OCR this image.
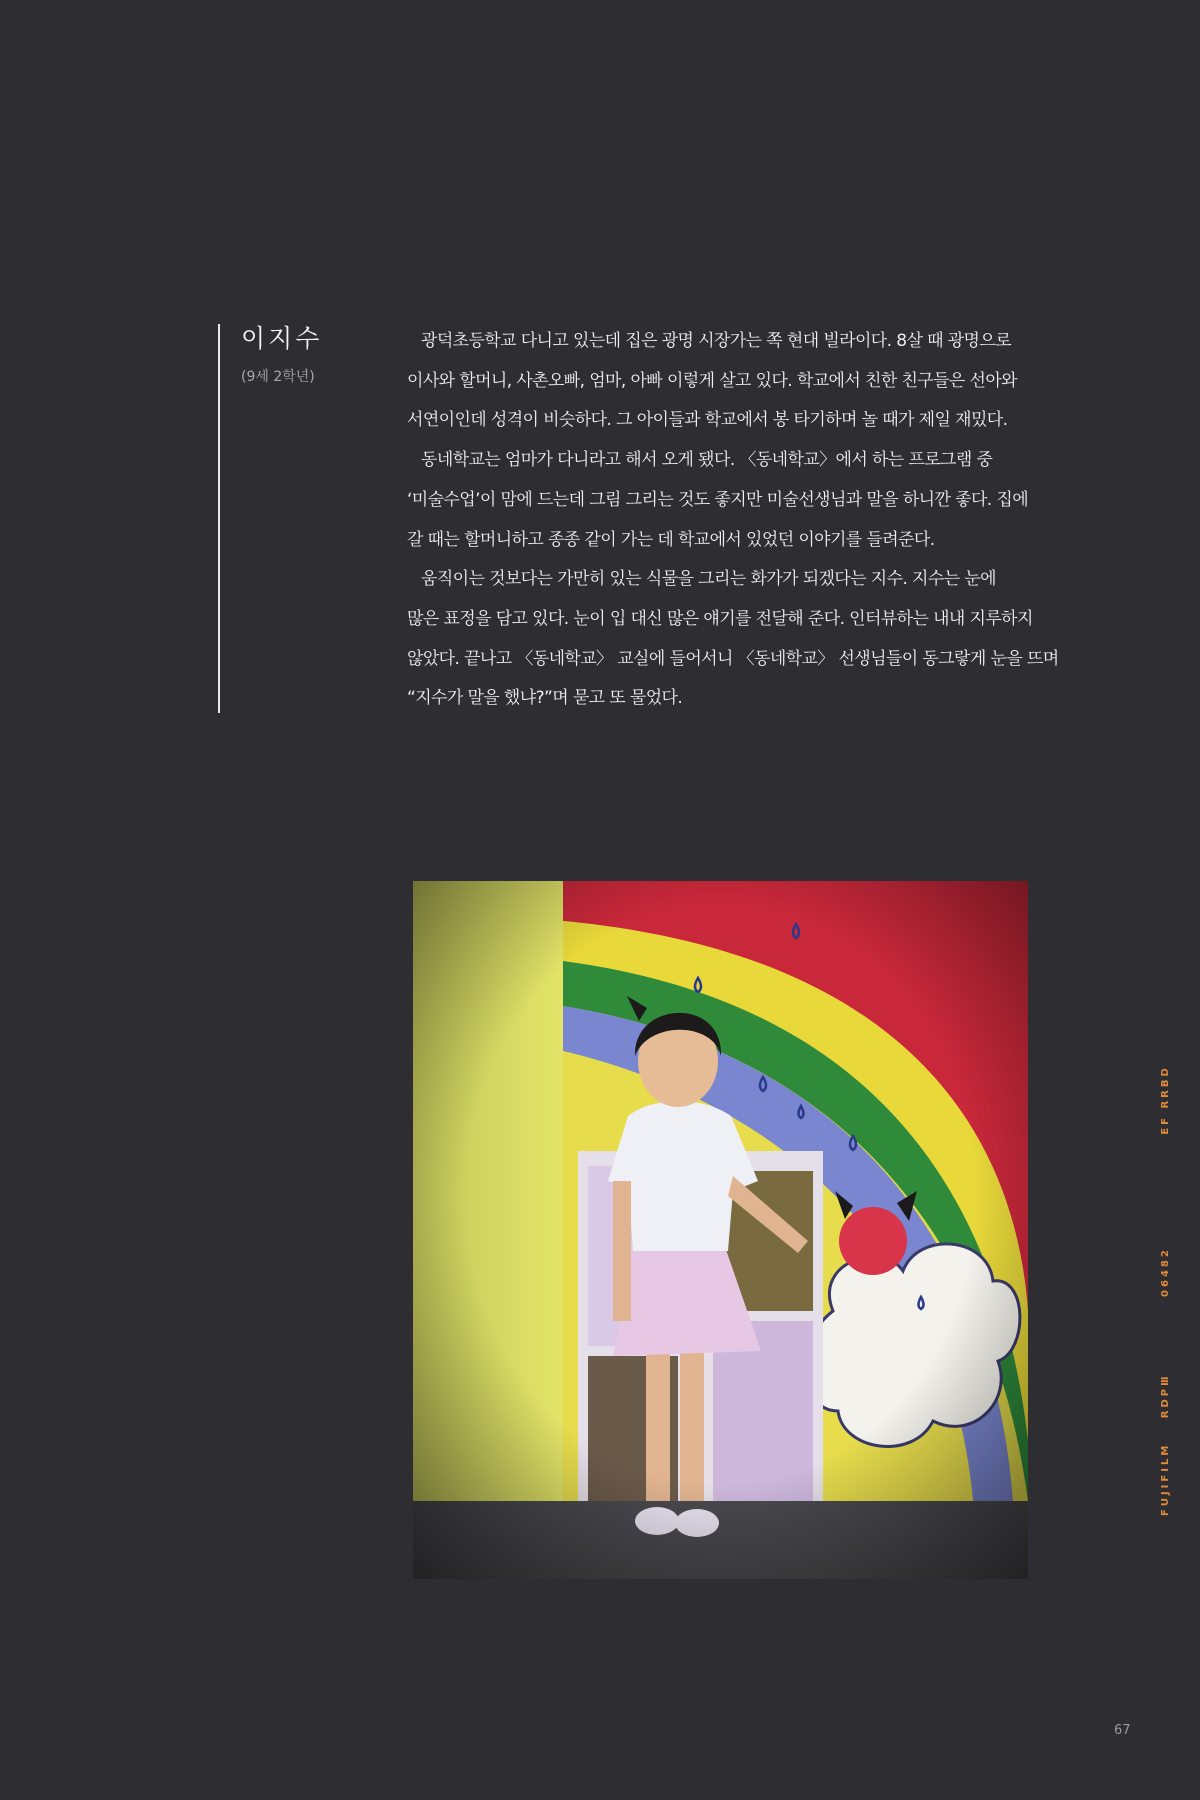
이지수
(9세 2학년)

광덕초등학교 다니고 있는데 집은 광명 시장가는 쪽 현대 빌라이다. 8살 때 광명으로

이사와 할머니, 사촌오빠, 엄마, 아빠 이렇게 살고 있다. 학교에서 친한 친구들은 선아와

서연이인데 성격이 비슷하다. 그 아이들과 학교에서 봉 타기하며 놀 때가 제일 재밌다.

동네학교는 엄마가 다니라고 해서 오게 됐다. 〈동네학교〉에서 하는 프로그램 중

‘미술수업’이 맘에 드는데 그림 그리는 것도 좋지만 미술선생님과 말을 하니깐 좋다. 집에

갈 때는 할머니하고 종종 같이 가는 데 학교에서 있었던 이야기를 들려준다.

움직이는 것보다는 가만히 있는 식물을 그리는 화가가 되겠다는 지수. 지수는 눈에

많은 표정을 담고 있다. 눈이 입 대신 많은 얘기를 전달해 준다. 인터뷰하는 내내 지루하지

않았다. 끝나고 〈동네학교〉 교실에 들어서니 〈동네학교〉 선생님들이 동그랗게 눈을 뜨며

“지수가 말을 했냐?”며 묻고 또 물었다.

FUJIFILM RDPⅢ 06482 EF RRBD
67
